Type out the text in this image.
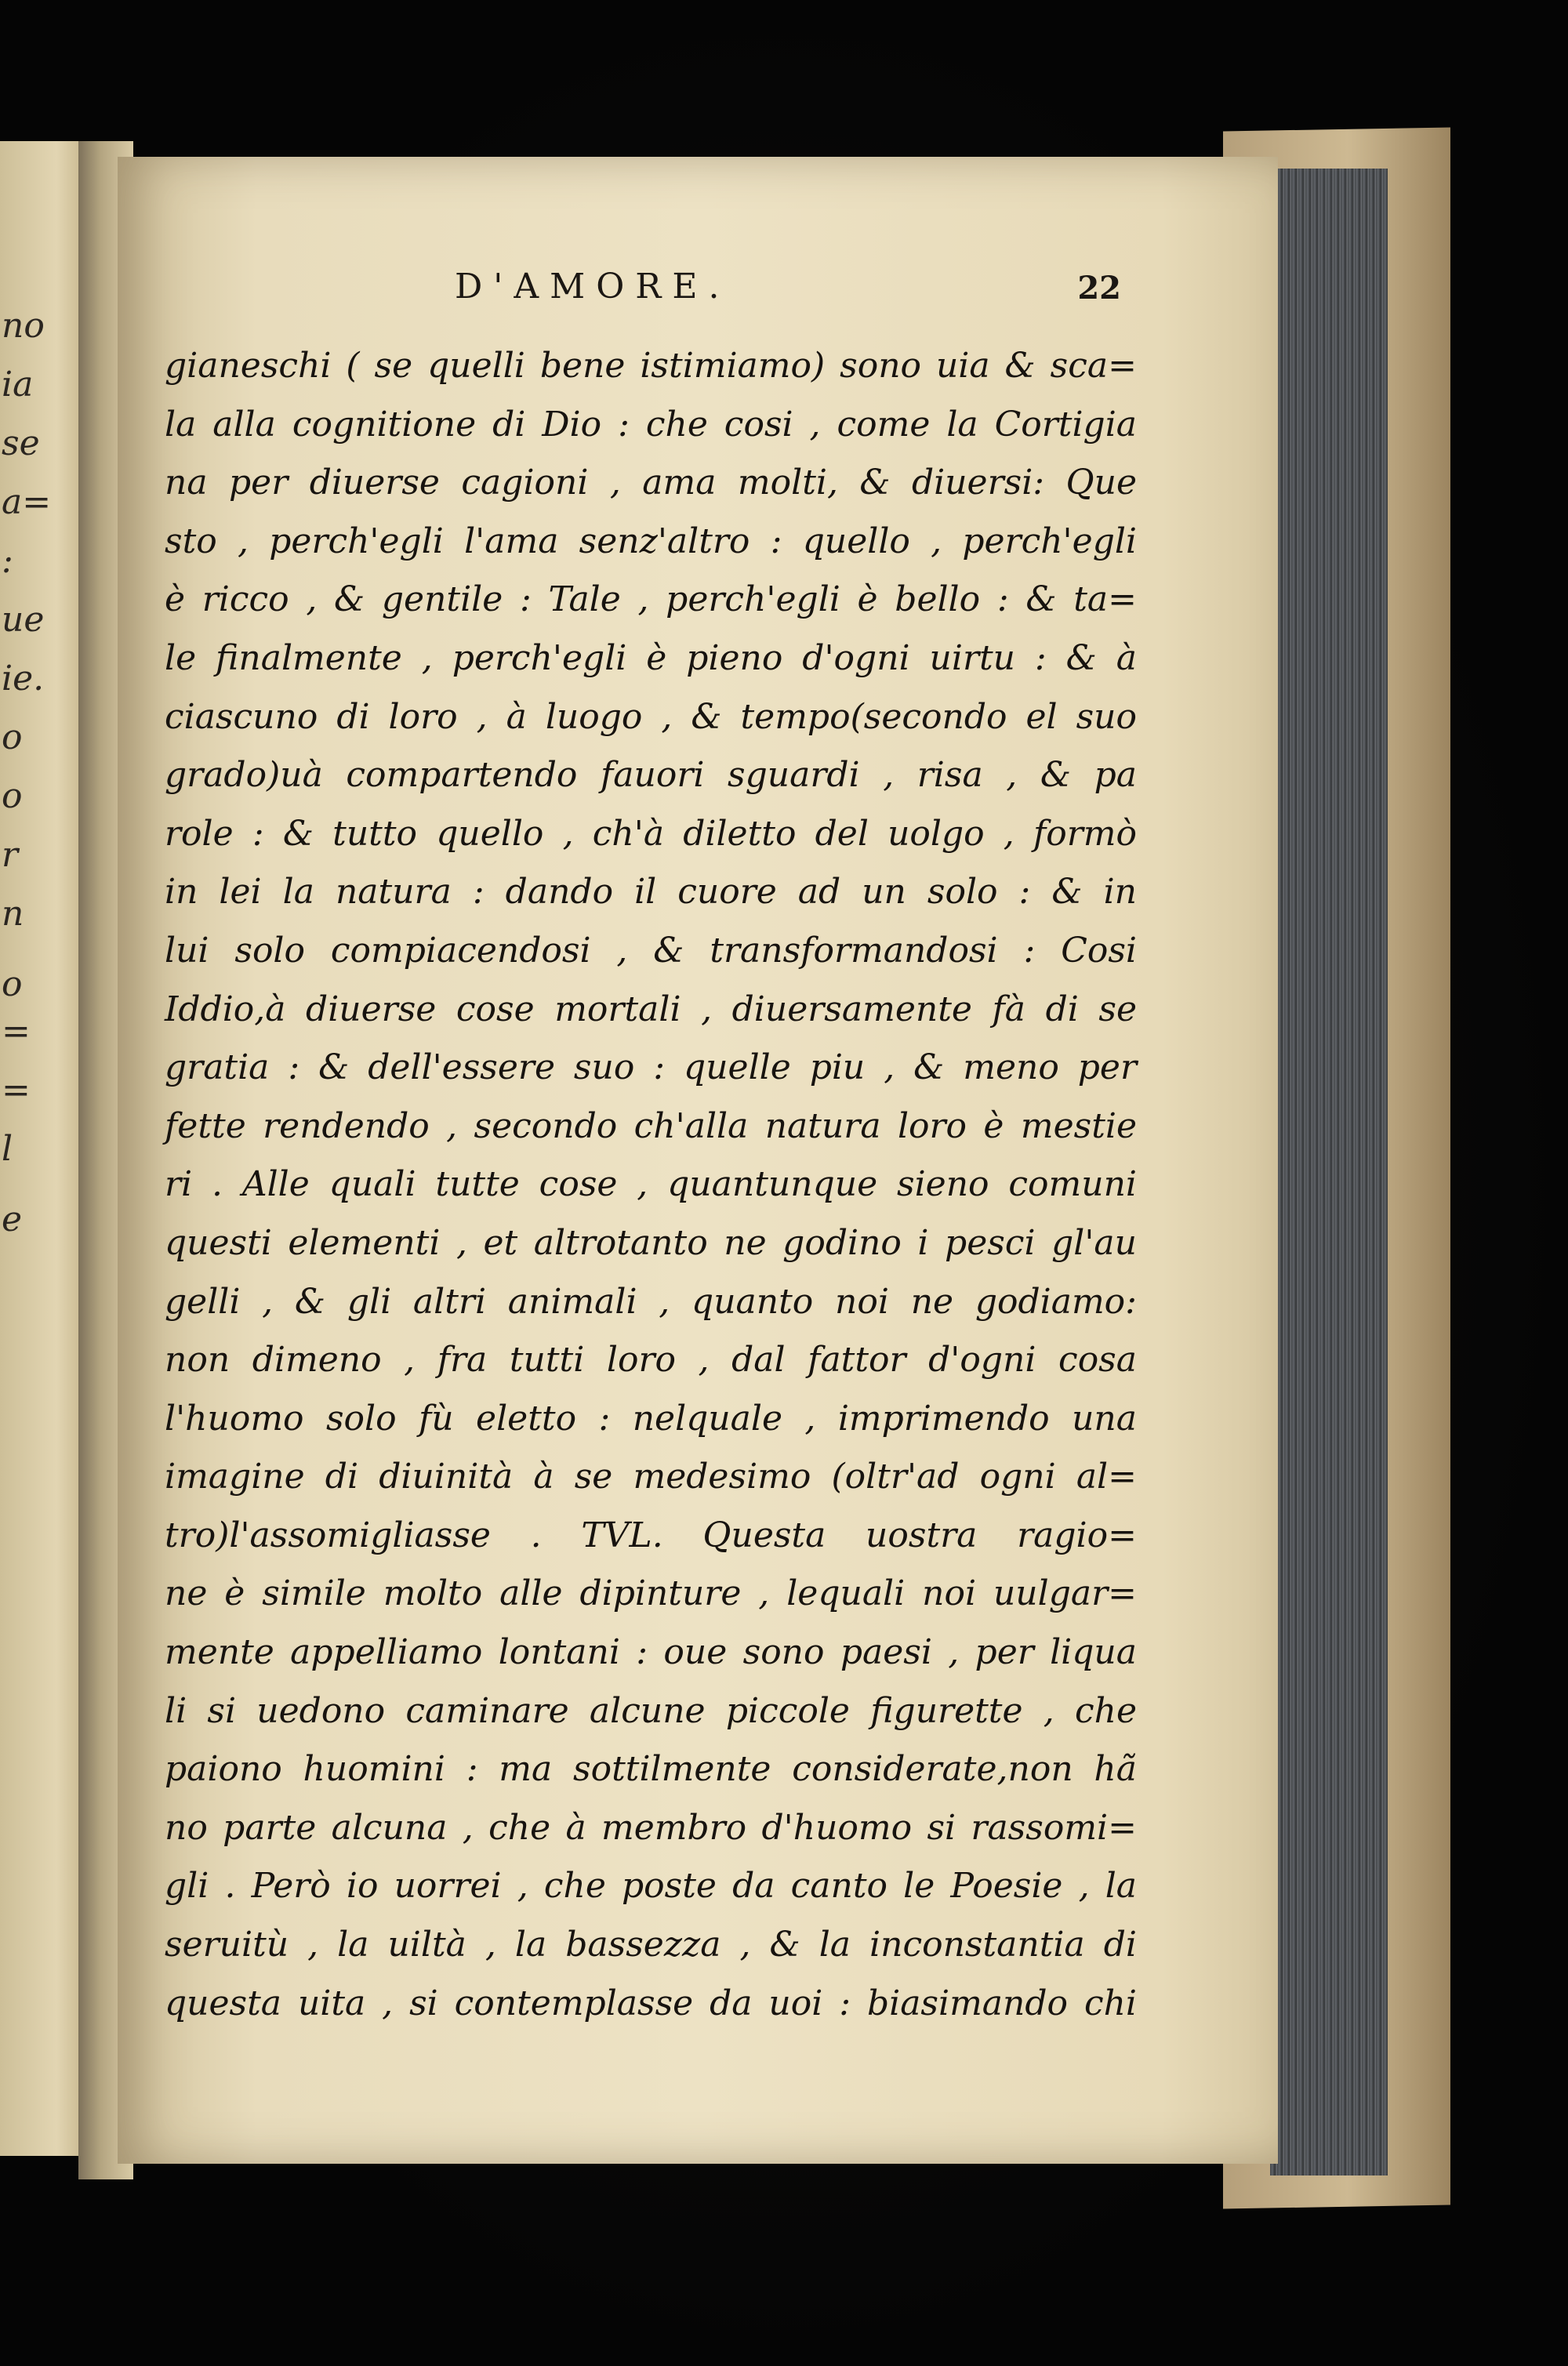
no
ia
se
a=
:
ue
ie.
o
o
r
n
o
=
=
l
e
D'AMORE.	22
gianeschi ( se quelli bene istimiamo) sono uia & sca=
la alla cognitione di Dio : che cosi , come la Cortigia
na per diuerse cagioni , ama molti, & diuersi: Que
sto , perch'egli l'ama senz'altro : quello , perch'egli
è ricco , & gentile : Tale , perch'egli è bello : & ta=
le finalmente , perch'egli è pieno d'ogni uirtu : & à
ciascuno di loro , à luogo , & tempo(secondo el suo
grado)uà compartendo fauori sguardi , risa , & pa
role : & tutto quello , ch'à diletto del uolgo , formò
in lei la natura : dando il cuore ad un solo : & in
lui solo compiacendosi , & transformandosi : Cosi
Iddio,à diuerse cose mortali , diuersamente fà di se
gratia : & dell'essere suo : quelle piu , & meno per
fette rendendo , secondo ch'alla natura loro è mestie
ri . Alle quali tutte cose , quantunque sieno comuni
questi elementi , et altrotanto ne godino i pesci gl'au
gelli , & gli altri animali , quanto noi ne godiamo:
non dimeno , fra tutti loro , dal fattor d'ogni cosa
l'huomo solo fù eletto : nelquale , imprimendo una
imagine di diuinità à se medesimo (oltr'ad ogni al=
tro)l'assomigliasse . TVL. Questa uostra ragio=
ne è simile molto alle dipinture , lequali noi uulgar=
mente appelliamo lontani : oue sono paesi , per liqua
li si uedono caminare alcune piccole figurette , che
paiono huomini : ma sottilmente considerate,non hã
no parte alcuna , che à membro d'huomo si rassomi=
gli . Però io uorrei , che poste da canto le Poesie , la
seruitù , la uiltà , la bassezza , & la inconstantia di
questa uita , si contemplasse da uoi : biasimando chi
